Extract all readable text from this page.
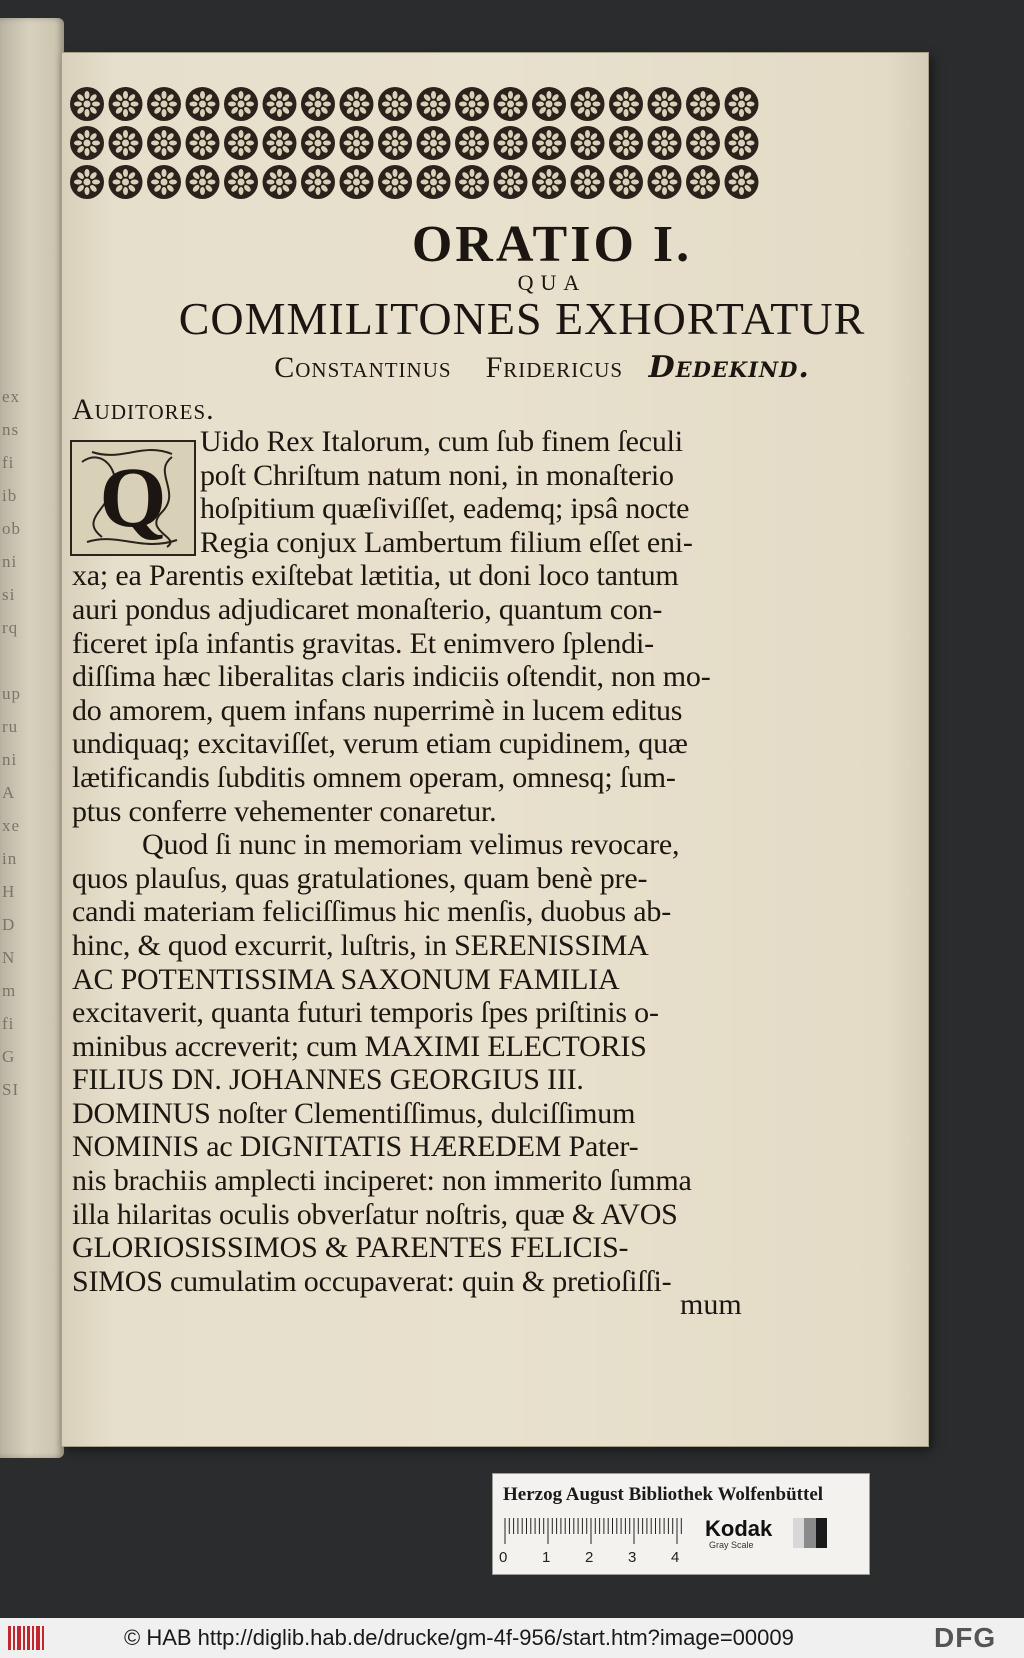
ex
ns
fi
ib
ob
ni
si
rq

up
ru
ni
A
xe
in
H
D
N
m
fi
G
SI
ORATIO I.
QUA
COMMILITONES EXHORTATUR
Constantinus Fridericus Dedekind.
Auditores.
Q
Uido Rex Italorum, cum ſub finem ſeculi
poſt Chriſtum natum noni, in monaſterio
hoſpitium quæſiviſſet, eademq; ipsâ nocte
Regia conjux Lambertum filium eſſet eni-
xa; ea Parentis exiſtebat lætitia, ut doni loco tantum
auri pondus adjudicaret monaſterio, quantum con-
ficeret ipſa infantis gravitas. Et enimvero ſplendi-
diſſima hæc liberalitas claris indiciis oſtendit, non mo-
do amorem, quem infans nuperrimè in lucem editus
undiquaq; excitaviſſet, verum etiam cupidinem, quæ
lætificandis ſubditis omnem operam, omnesq; ſum-
ptus conferre vehementer conaretur.
Quod ſi nunc in memoriam velimus revocare,
quos plauſus, quas gratulationes, quam benè pre-
candi materiam feliciſſimus hic menſis, duobus ab-
hinc, & quod excurrit, luſtris, in SERENISSIMA
AC POTENTISSIMA SAXONUM FAMILIA
excitaverit, quanta futuri temporis ſpes priſtinis o-
minibus accreverit; cum MAXIMI ELECTORIS
FILIUS DN. JOHANNES GEORGIUS III.
DOMINUS noſter Clementiſſimus, dulciſſimum
NOMINIS ac DIGNITATIS HÆREDEM Pater-
nis brachiis amplecti inciperet: non immerito ſumma
illa hilaritas oculis obverſatur noſtris, quæ & AVOS
GLORIOSISSIMOS & PARENTES FELICIS-
SIMOS cumulatim occupaverat: quin & pretioſiſſi-
mum
Herzog August Bibliothek Wolfenbüttel
0 1 2 3 4
Kodak
Gray Scale
© HAB http://diglib.hab.de/drucke/gm-4f-956/start.htm?image=00009	DFG
